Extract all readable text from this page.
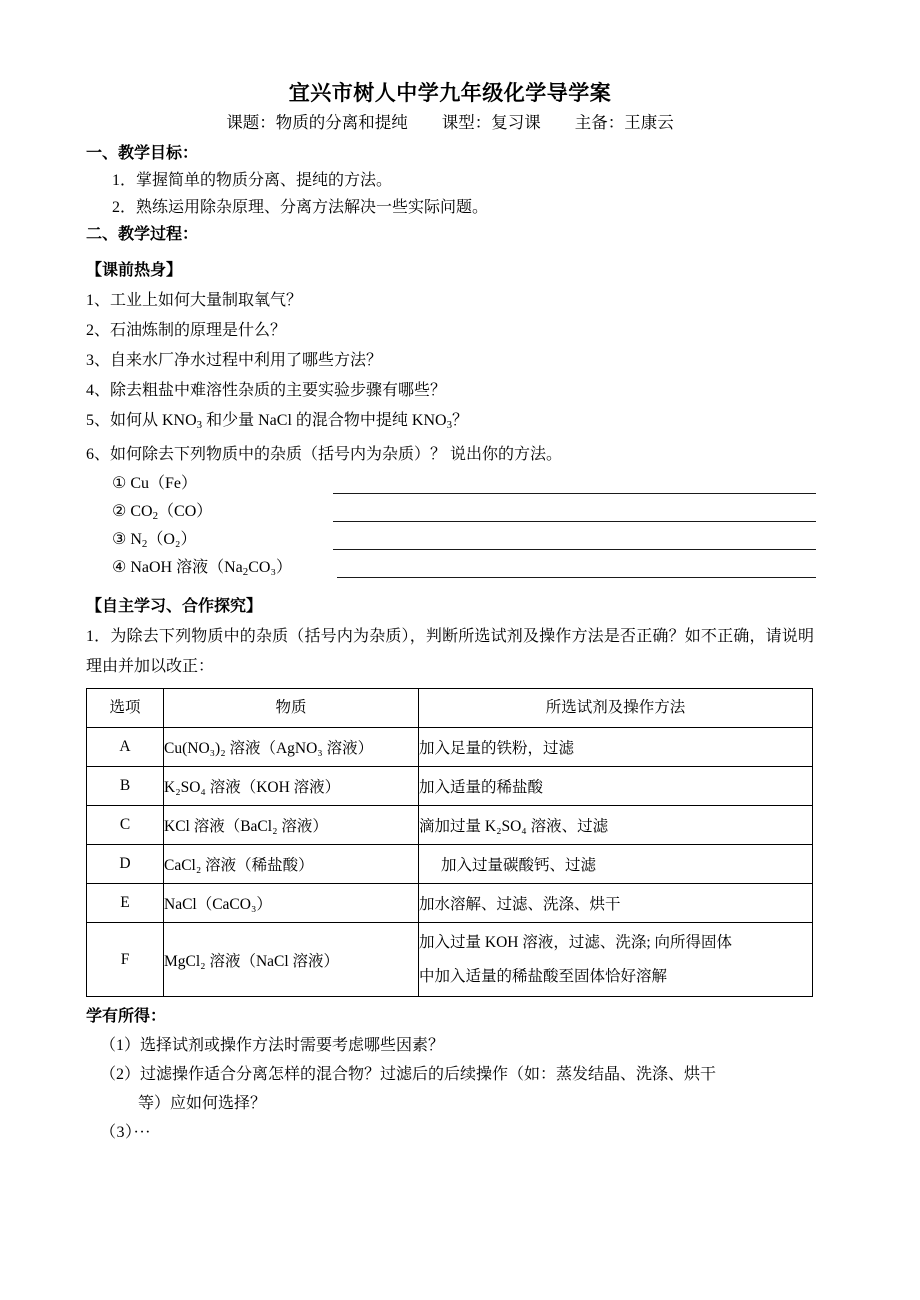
宜兴市树人中学九年级化学导学案
课题：物质的分离和提纯 课型：复习课 主备：王康云
一、教学目标：
1．掌握简单的物质分离、提纯的方法。
2．熟练运用除杂原理、分离方法解决一些实际问题。
二、教学过程：
【课前热身】
1、工业上如何大量制取氧气？
2、石油炼制的原理是什么？
3、自来水厂净水过程中利用了哪些方法？
4、除去粗盐中难溶性杂质的主要实验步骤有哪些？
5、如何从 $KNO_3$ 和少量 NaCl 的混合物中提纯 $KNO_3$？
6、如何除去下列物质中的杂质（括号内为杂质）？ 说出你的方法。
① Cu（Fe）
② $CO_2(CO)$
③ $N_2(O_2)$
④ NaOH 溶液$(Na_2CO_3)$
【自主学习、合作探究】
1．为除去下列物质中的杂质（括号内为杂质），判断所选试剂及操作方法是否正确？如不正确，请说明理由并加以改正：
选项	物质	所选试剂及操作方法
A	Cu(NO₃)₂ 溶液（AgNO₃ 溶液）	加入足量的铁粉，过滤
B	K₂SO₄ 溶液（KOH 溶液）	加入适量的稀盐酸
C	KCl 溶液（BaCl₂ 溶液）	滴加过量 K₂SO₄ 溶液、过滤
D	CaCl₂ 溶液（稀盐酸）	加入过量碳酸钙、过滤
E	NaCl（CaCO₃）	加水溶解、过滤、洗涤、烘干
F	MgCl₂ 溶液（NaCl 溶液）	加入过量 KOH 溶液，过滤、洗涤; 向所得固体
中加入适量的稀盐酸至固体恰好溶解
学有所得：
（1）选择试剂或操作方法时需要考虑哪些因素？
（2）过滤操作适合分离怎样的混合物？过滤后的后续操作（如：蒸发结晶、洗涤、烘干
等）应如何选择？
（3）···
